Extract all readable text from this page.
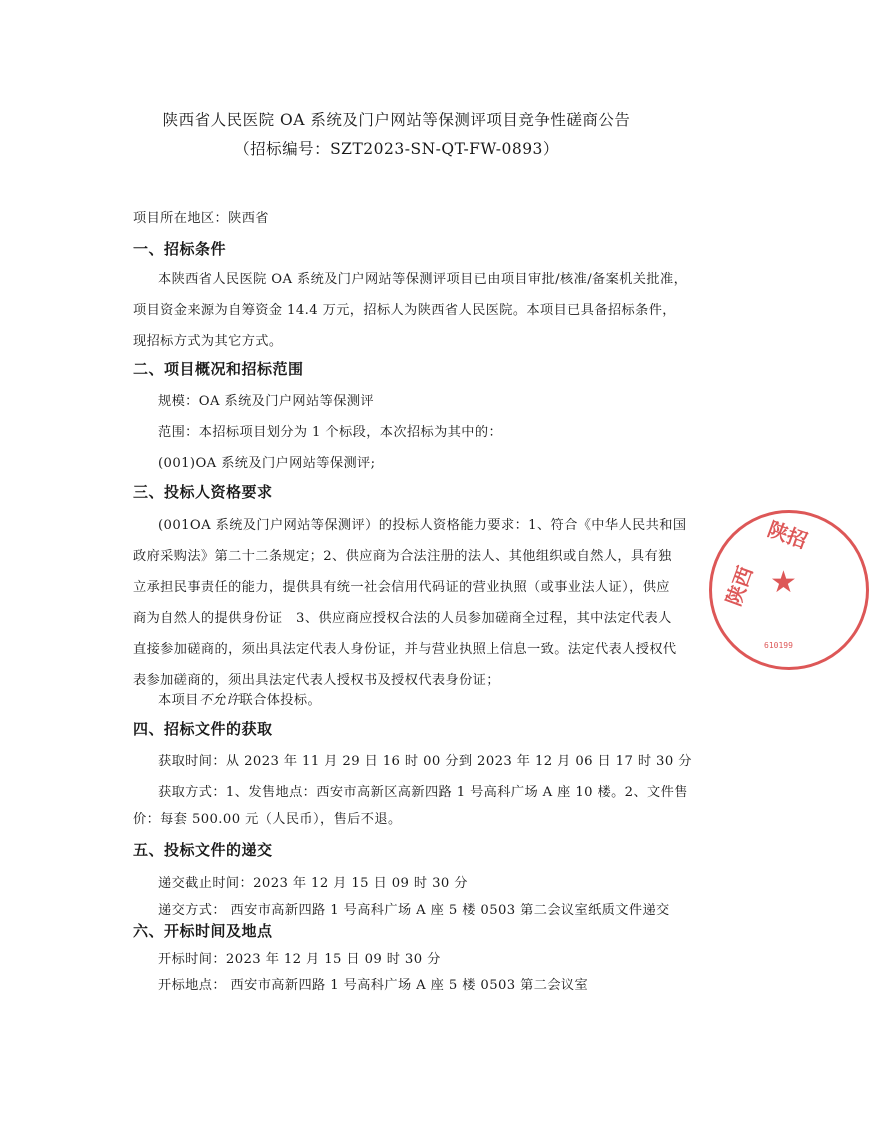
陕西省人民医院 OA 系统及门户网站等保测评项目竞争性磋商公告
（招标编号：SZT2023-SN-QT-FW-0893）
项目所在地区：陕西省
一、招标条件
本陕西省人民医院 OA 系统及门户网站等保测评项目已由项目审批/核准/备案机关批准，
项目资金来源为自筹资金 14.4 万元，招标人为陕西省人民医院。本项目已具备招标条件，
现招标方式为其它方式。
二、项目概况和招标范围
规模：OA 系统及门户网站等保测评
范围：本招标项目划分为 1 个标段，本次招标为其中的：
(001)OA 系统及门户网站等保测评;
三、投标人资格要求
(001OA 系统及门户网站等保测评）的投标人资格能力要求：1、符合《中华人民共和国
政府采购法》第二十二条规定；2、供应商为合法注册的法人、其他组织或自然人，具有独
立承担民事责任的能力，提供具有统一社会信用代码证的营业执照（或事业法人证），供应
商为自然人的提供身份证　3、供应商应授权合法的人员参加磋商全过程，其中法定代表人
直接参加磋商的，须出具法定代表人身份证，并与营业执照上信息一致。法定代表人授权代
表参加磋商的，须出具法定代表人授权书及授权代表身份证；
本项目不允许联合体投标。
四、招标文件的获取
获取时间：从 2023 年 11 月 29 日 16 时 00 分到 2023 年 12 月 06 日 17 时 30 分
获取方式：1、发售地点：西安市高新区高新四路 1 号高科广场 A 座 10 楼。2、文件售
价：每套 500.00 元（人民币），售后不退。
五、投标文件的递交
递交截止时间：2023 年 12 月 15 日 09 时 30 分
递交方式： 西安市高新四路 1 号高科广场 A 座 5 楼 0503 第二会议室纸质文件递交
六、开标时间及地点
开标时间：2023 年 12 月 15 日 09 时 30 分
开标地点： 西安市高新四路 1 号高科广场 A 座 5 楼 0503 第二会议室
陕招
陕西 ★
610199
